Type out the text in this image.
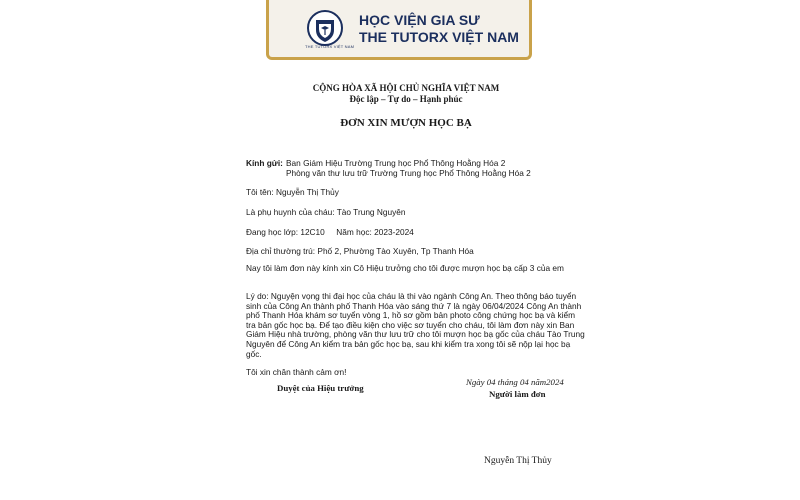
THE TUTORX VIỆT NAM
HỌC VIỆN GIA SƯ
THE TUTORX VIỆT NAM
CỘNG HÒA XÃ HỘI CHỦ NGHĨA VIỆT NAM
Độc lập – Tự do – Hạnh phúc
ĐƠN XIN MƯỢN HỌC BẠ
Kính gửi: Ban Giám Hiệu Trường Trung học Phổ Thông Hoằng Hóa 2
Phòng văn thư lưu trữ Trường Trung học Phổ Thông Hoằng Hóa 2
Tôi tên: Nguyễn Thị Thủy
Là phụ huynh của cháu: Tào Trung Nguyên
Đang học lớp: 12C10     Năm học: 2023-2024
Địa chỉ thường trú: Phố 2, Phường Tào Xuyên, Tp Thanh Hóa
Nay tôi làm đơn này kính xin Cô Hiệu trưởng cho tôi được mượn học bạ cấp 3 của em
Lý do: Nguyện vọng thi đại học của cháu là thi vào ngành Công An. Theo thông báo tuyển sinh của Công An thành phố Thanh Hóa vào sáng thứ 7 là ngày 06/04/2024 Công An thành phố Thanh Hóa khám sơ tuyển vòng 1, hồ sơ gồm bản photo công chứng học bạ và kiểm tra bản gốc học bạ. Để tạo điều kiện cho việc sơ tuyển cho cháu, tôi làm đơn này xin Ban Giám Hiệu nhà trường, phòng văn thư lưu trữ cho tôi mượn học bạ gốc của cháu Tào Trung Nguyên để Công An kiểm tra bản gốc học bạ, sau khi kiểm tra xong tôi sẽ nộp lại học bạ gốc.
Tôi xin chân thành cảm ơn!
Duyệt của Hiệu trưởng
Ngày 04 tháng 04 năm2024
Người làm đơn
Nguyễn Thị Thủy
